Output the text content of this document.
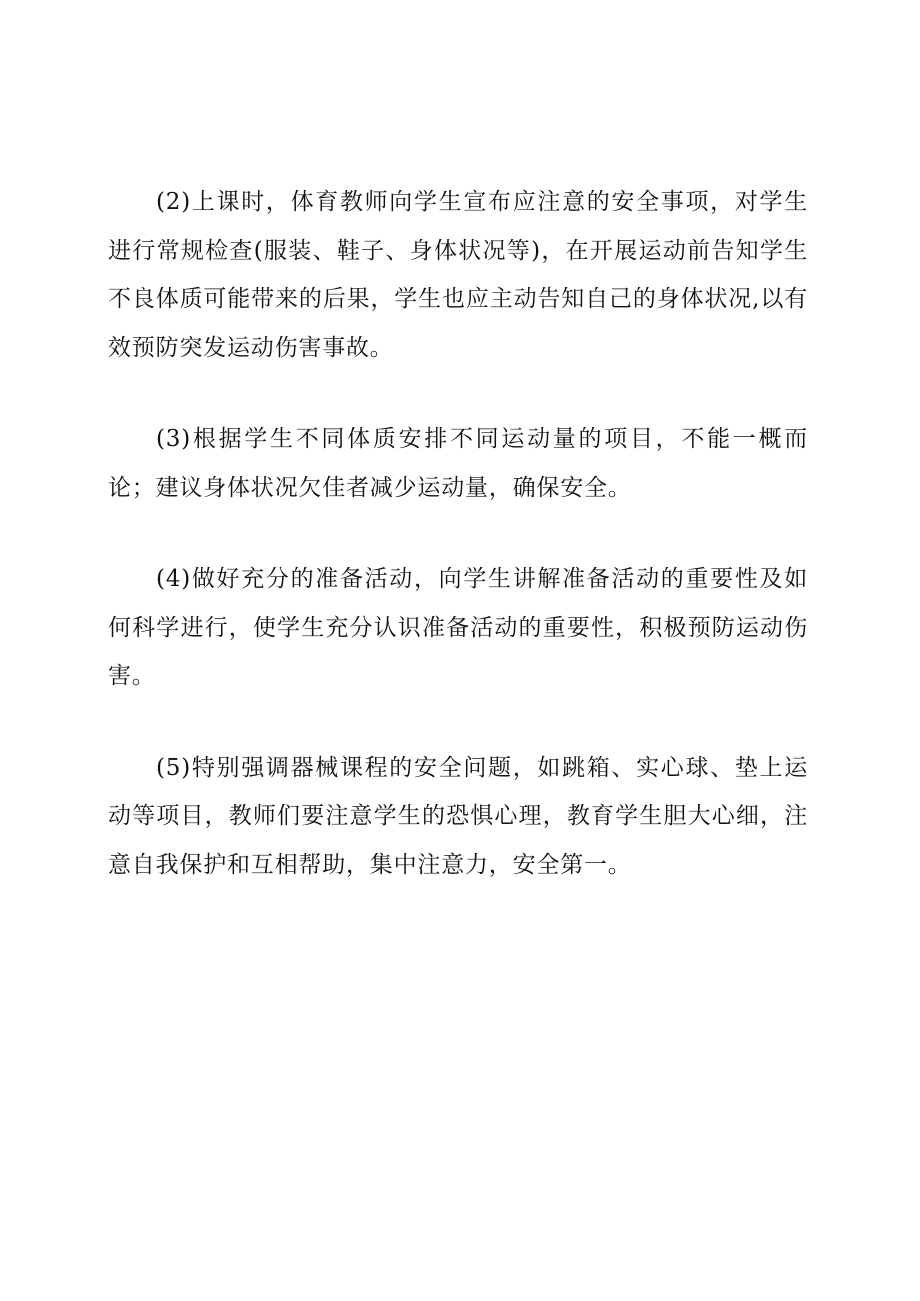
(2)上课时，体育教师向学生宣布应注意的安全事项，对学生进行常规检查(服装、鞋子、身体状况等)，在开展运动前告知学生不良体质可能带来的后果，学生也应主动告知自己的身体状况,以有效预防突发运动伤害事故。

(3)根据学生不同体质安排不同运动量的项目，不能一概而论；建议身体状况欠佳者减少运动量，确保安全。

(4)做好充分的准备活动，向学生讲解准备活动的重要性及如何科学进行，使学生充分认识准备活动的重要性，积极预防运动伤害。

(5)特别强调器械课程的安全问题，如跳箱、实心球、垫上运动等项目，教师们要注意学生的恐惧心理，教育学生胆大心细，注意自我保护和互相帮助，集中注意力，安全第一。
